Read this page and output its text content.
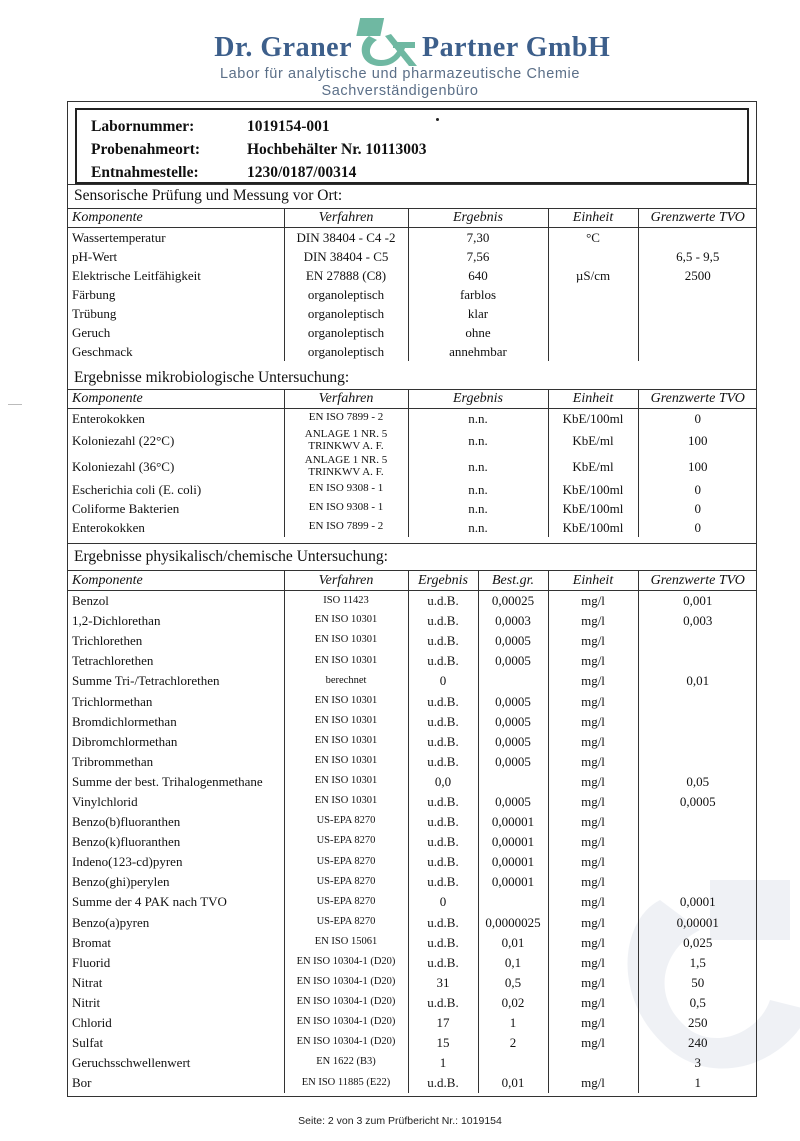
Dr. Graner	Partner GmbH
Labor für analytische und pharmazeutische Chemie
Sachverständigenbüro
Labornummer:	1019154-001
Probenahmeort:	Hochbehälter Nr. 10113003
Entnahmestelle:	1230/0187/00314
Sensorische Prüfung und Messung vor Ort:
Komponente	Verfahren	Ergebnis	Einheit	Grenzwerte TVO
Wassertemperatur	DIN 38404 - C4 -2	7,30	°C	
pH-Wert	DIN 38404 - C5	7,56		6,5 - 9,5
Elektrische Leitfähigkeit	EN 27888 (C8)	640	µS/cm	2500
Färbung	organoleptisch	farblos		
Trübung	organoleptisch	klar		
Geruch	organoleptisch	ohne		
Geschmack	organoleptisch	annehmbar		
Ergebnisse mikrobiologische Untersuchung:
Komponente	Verfahren	Ergebnis	Einheit	Grenzwerte TVO
Enterokokken	EN ISO 7899 - 2	n.n.	KbE/100ml	0
Koloniezahl (22°C)	ANLAGE 1 NR. 5
TRINKWV A. F.	n.n.	KbE/ml	100
Koloniezahl (36°C)	ANLAGE 1 NR. 5
TRINKWV A. F.	n.n.	KbE/ml	100
Escherichia coli (E. coli)	EN ISO 9308 - 1	n.n.	KbE/100ml	0
Coliforme Bakterien	EN ISO 9308 - 1	n.n.	KbE/100ml	0
Enterokokken	EN ISO 7899 - 2	n.n.	KbE/100ml	0
Ergebnisse physikalisch/chemische Untersuchung:
Komponente	Verfahren	Ergebnis	Best.gr.	Einheit	Grenzwerte TVO
Benzol	ISO 11423	u.d.B.	0,00025	mg/l	0,001
1,2-Dichlorethan	EN ISO 10301	u.d.B.	0,0003	mg/l	0,003
Trichlorethen	EN ISO 10301	u.d.B.	0,0005	mg/l	
Tetrachlorethen	EN ISO 10301	u.d.B.	0,0005	mg/l	
Summe Tri-/Tetrachlorethen	berechnet	0		mg/l	0,01
Trichlormethan	EN ISO 10301	u.d.B.	0,0005	mg/l	
Bromdichlormethan	EN ISO 10301	u.d.B.	0,0005	mg/l	
Dibromchlormethan	EN ISO 10301	u.d.B.	0,0005	mg/l	
Tribrommethan	EN ISO 10301	u.d.B.	0,0005	mg/l	
Summe der best. Trihalogenmethane	EN ISO 10301	0,0		mg/l	0,05
Vinylchlorid	EN ISO 10301	u.d.B.	0,0005	mg/l	0,0005
Benzo(b)fluoranthen	US-EPA 8270	u.d.B.	0,00001	mg/l	
Benzo(k)fluoranthen	US-EPA 8270	u.d.B.	0,00001	mg/l	
Indeno(123-cd)pyren	US-EPA 8270	u.d.B.	0,00001	mg/l	
Benzo(ghi)perylen	US-EPA 8270	u.d.B.	0,00001	mg/l	
Summe der 4 PAK nach TVO	US-EPA 8270	0		mg/l	0,0001
Benzo(a)pyren	US-EPA 8270	u.d.B.	0,0000025	mg/l	0,00001
Bromat	EN ISO 15061	u.d.B.	0,01	mg/l	0,025
Fluorid	EN ISO 10304-1 (D20)	u.d.B.	0,1	mg/l	1,5
Nitrat	EN ISO 10304-1 (D20)	31	0,5	mg/l	50
Nitrit	EN ISO 10304-1 (D20)	u.d.B.	0,02	mg/l	0,5
Chlorid	EN ISO 10304-1 (D20)	17	1	mg/l	250
Sulfat	EN ISO 10304-1 (D20)	15	2	mg/l	240
Geruchsschwellenwert	EN 1622 (B3)	1			3
Bor	EN ISO 11885 (E22)	u.d.B.	0,01	mg/l	1
Seite: 2 von 3 zum Prüfbericht Nr.: 1019154
